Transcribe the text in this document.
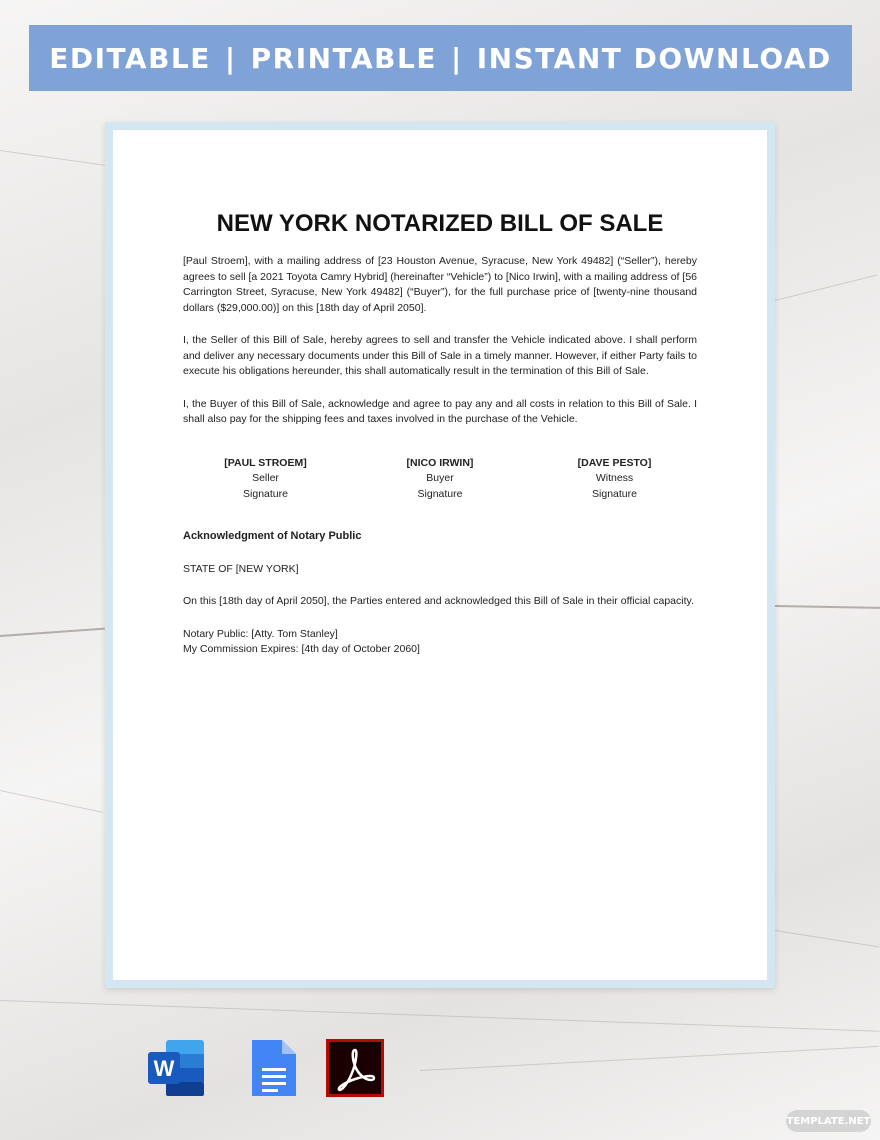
EDITABLE | PRINTABLE | INSTANT DOWNLOAD
NEW YORK NOTARIZED BILL OF SALE

[Paul Stroem], with a mailing address of [23 Houston Avenue, Syracuse, New York 49482] (“Seller”), hereby agrees to sell [a 2021 Toyota Camry Hybrid] (hereinafter “Vehicle”) to [Nico Irwin], with a mailing address of [56 Carrington Street, Syracuse, New York 49482] (“Buyer”), for the full purchase price of [twenty-nine thousand dollars ($29,000.00)] on this [18th day of April 2050].

I, the Seller of this Bill of Sale, hereby agrees to sell and transfer the Vehicle indicated above. I shall perform and deliver any necessary documents under this Bill of Sale in a timely manner. However, if either Party fails to execute his obligations hereunder, this shall automatically result in the termination of this Bill of Sale.

I, the Buyer of this Bill of Sale, acknowledge and agree to pay any and all costs in relation to this Bill of Sale. I shall also pay for the shipping fees and taxes involved in the purchase of the Vehicle.

[PAUL STROEM]
Seller
Signature
[NICO IRWIN]
Buyer
Signature
[DAVE PESTO]
Witness
Signature
Acknowledgment of Notary Public
STATE OF [NEW YORK]
On this [18th day of April 2050], the Parties entered and acknowledged this Bill of Sale in their official capacity.
Notary Public: [Atty. Tom Stanley]
My Commission Expires: [4th day of October 2060]
W
TEMPLATE.NET
